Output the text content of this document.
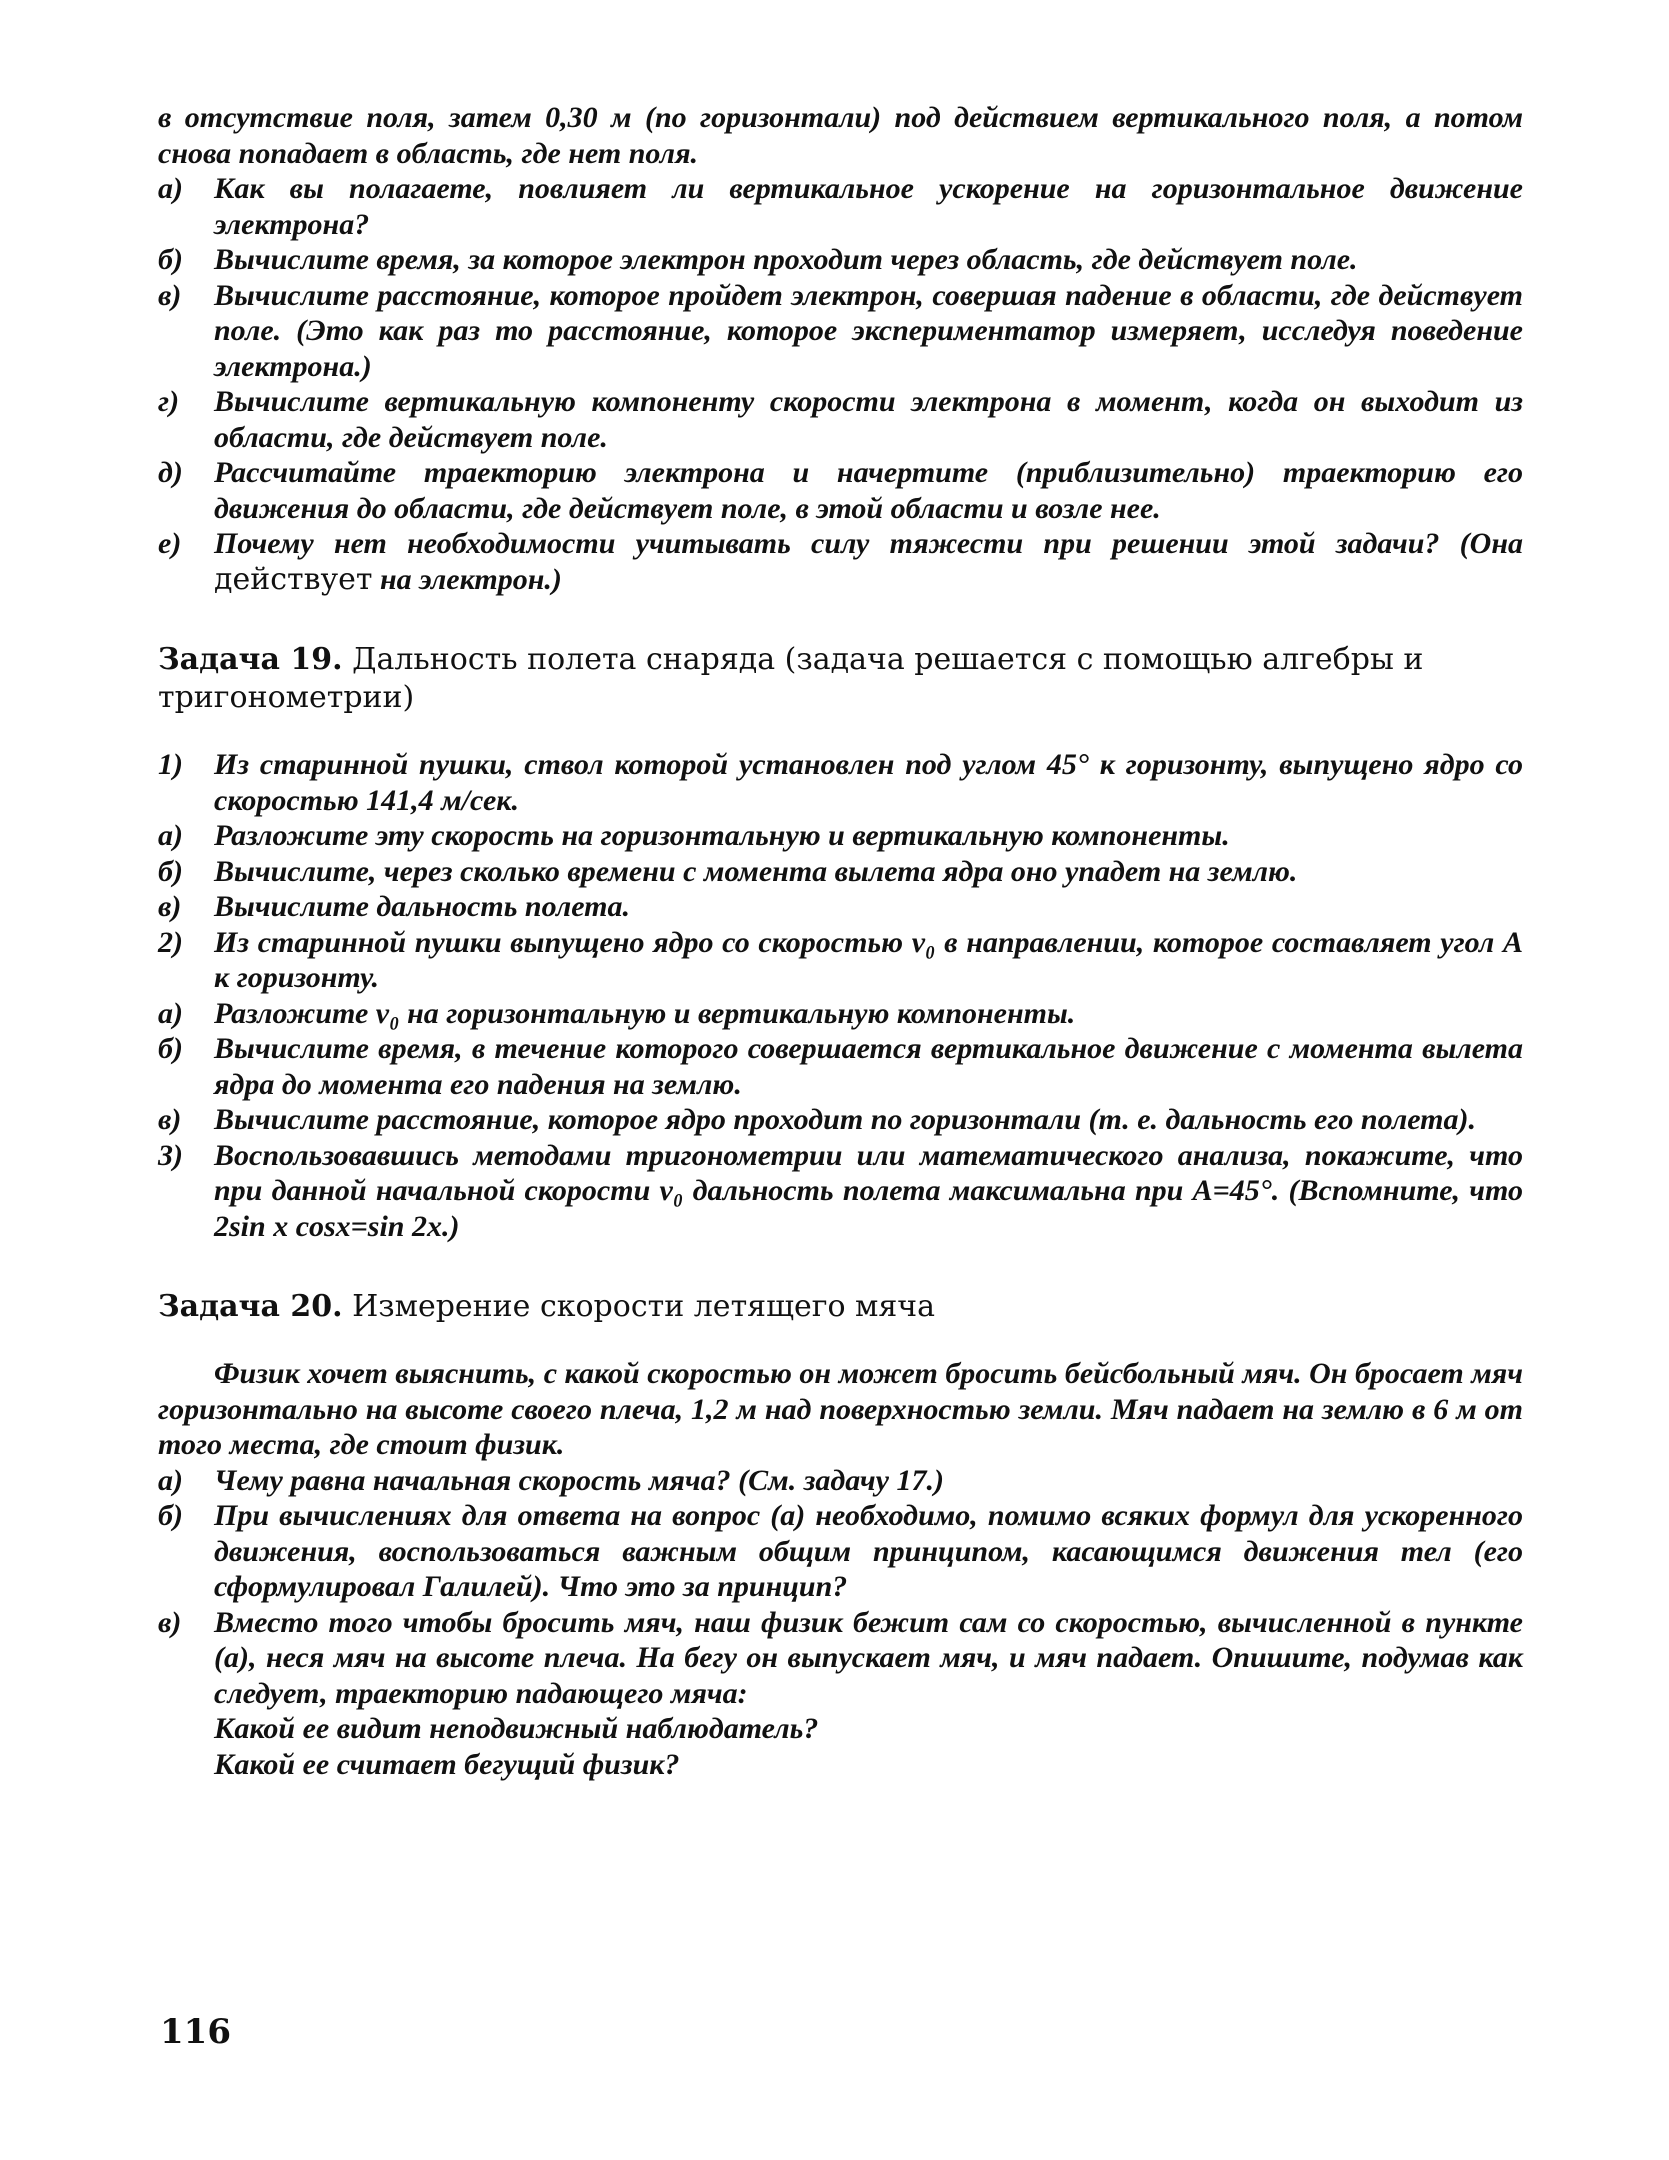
в отсутствие поля, затем 0,30 м (по горизонтали) под действием вертикального поля, а потом снова попадает в область, где нет поля.

а)	Как вы полагаете, повлияет ли вертикальное ускорение на горизонтальное движение электрона?
б)	Вычислите время, за которое электрон проходит через область, где действует поле.
в)	Вычислите расстояние, которое пройдет электрон, совершая падение в области, где действует поле. (Это как раз то расстояние, которое экспериментатор измеряет, исследуя поведение электрона.)
г)	Вычислите вертикальную компоненту скорости электрона в момент, когда он выходит из области, где действует поле.
д)	Рассчитайте траекторию электрона и начертите (приблизительно) траекторию его движения до области, где действует поле, в этой области и возле нее.
е)	Почему нет необходимости учитывать силу тяжести при решении этой задачи? (Она действует на электрон.)
Задача 19. Дальность полета снаряда (задача решается с помощью алгебры и тригонометрии)
1)	Из старинной пушки, ствол которой установлен под углом 45° к горизонту, выпущено ядро со скоростью 141,4 м/сек.
а)	Разложите эту скорость на горизонтальную и вертикальную компоненты.
б)	Вычислите, через сколько времени с момента вылета ядра оно упадет на землю.
в)	Вычислите дальность полета.
2)	Из старинной пушки выпущено ядро со скоростью v₀ в направлении, которое составляет угол A к горизонту.
а)	Разложите v₀ на горизонтальную и вертикальную компоненты.
б)	Вычислите время, в течение которого совершается вертикальное движение с момента вылета ядра до момента его падения на землю.
в)	Вычислите расстояние, которое ядро проходит по горизонтали (т. е. дальность его полета).
3)	Воспользовавшись методами тригонометрии или математического анализа, покажите, что при данной начальной скорости v₀ дальность полета максимальна при A=45°. (Вспомните, что 2sin x cosx=sin 2x.)
Задача 20. Измерение скорости летящего мяча

Физик хочет выяснить, с какой скоростью он может бросить бейсбольный мяч. Он бросает мяч горизонтально на высоте своего плеча, 1,2 м над поверхностью земли. Мяч падает на землю в 6 м от того места, где стоит физик.

а)	Чему равна начальная скорость мяча? (См. задачу 17.)
б)	При вычислениях для ответа на вопрос (а) необходимо, помимо всяких формул для ускоренного движения, воспользоваться важным общим принципом, касающимся движения тел (его сформулировал Галилей). Что это за принцип?
в)	Вместо того чтобы бросить мяч, наш физик бежит сам со скоростью, вычисленной в пункте (а), неся мяч на высоте плеча. На бегу он выпускает мяч, и мяч падает. Опишите, подумав как следует, траекторию падающего мяча:

Какой ее видит неподвижный наблюдатель?

Какой ее считает бегущий физик?

116
